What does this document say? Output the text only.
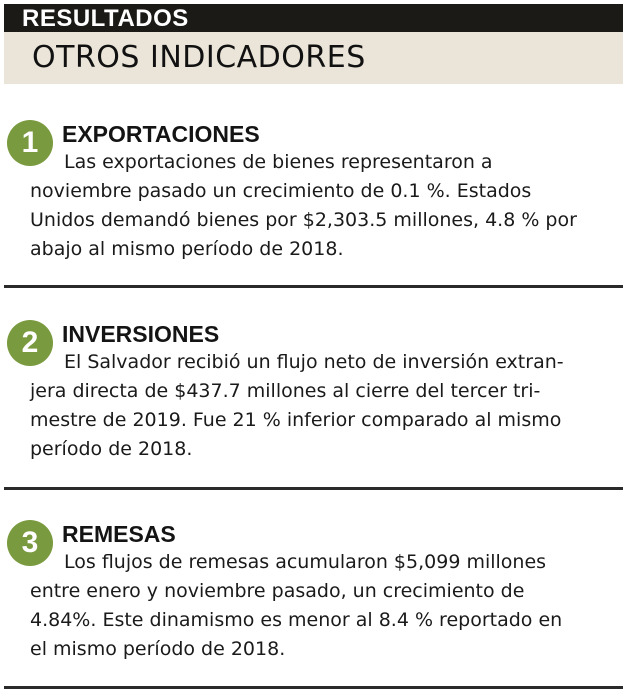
RESULTADOS
OTROS INDICADORES
1	EXPORTACIONES
Las exportaciones de bienes representaron a
noviembre pasado un crecimiento de 0.1 %. Estados
Unidos demandó bienes por $2,303.5 millones, 4.8 % por
abajo al mismo período de 2018.
2	INVERSIONES
El Salvador recibió un flujo neto de inversión extran-
jera directa de $437.7 millones al cierre del tercer tri-
mestre de 2019. Fue 21 % inferior comparado al mismo
período de 2018.
3	REMESAS
Los flujos de remesas acumularon $5,099 millones
entre enero y noviembre pasado, un crecimiento de
4.84%. Este dinamismo es menor al 8.4 % reportado en
el mismo período de 2018.
